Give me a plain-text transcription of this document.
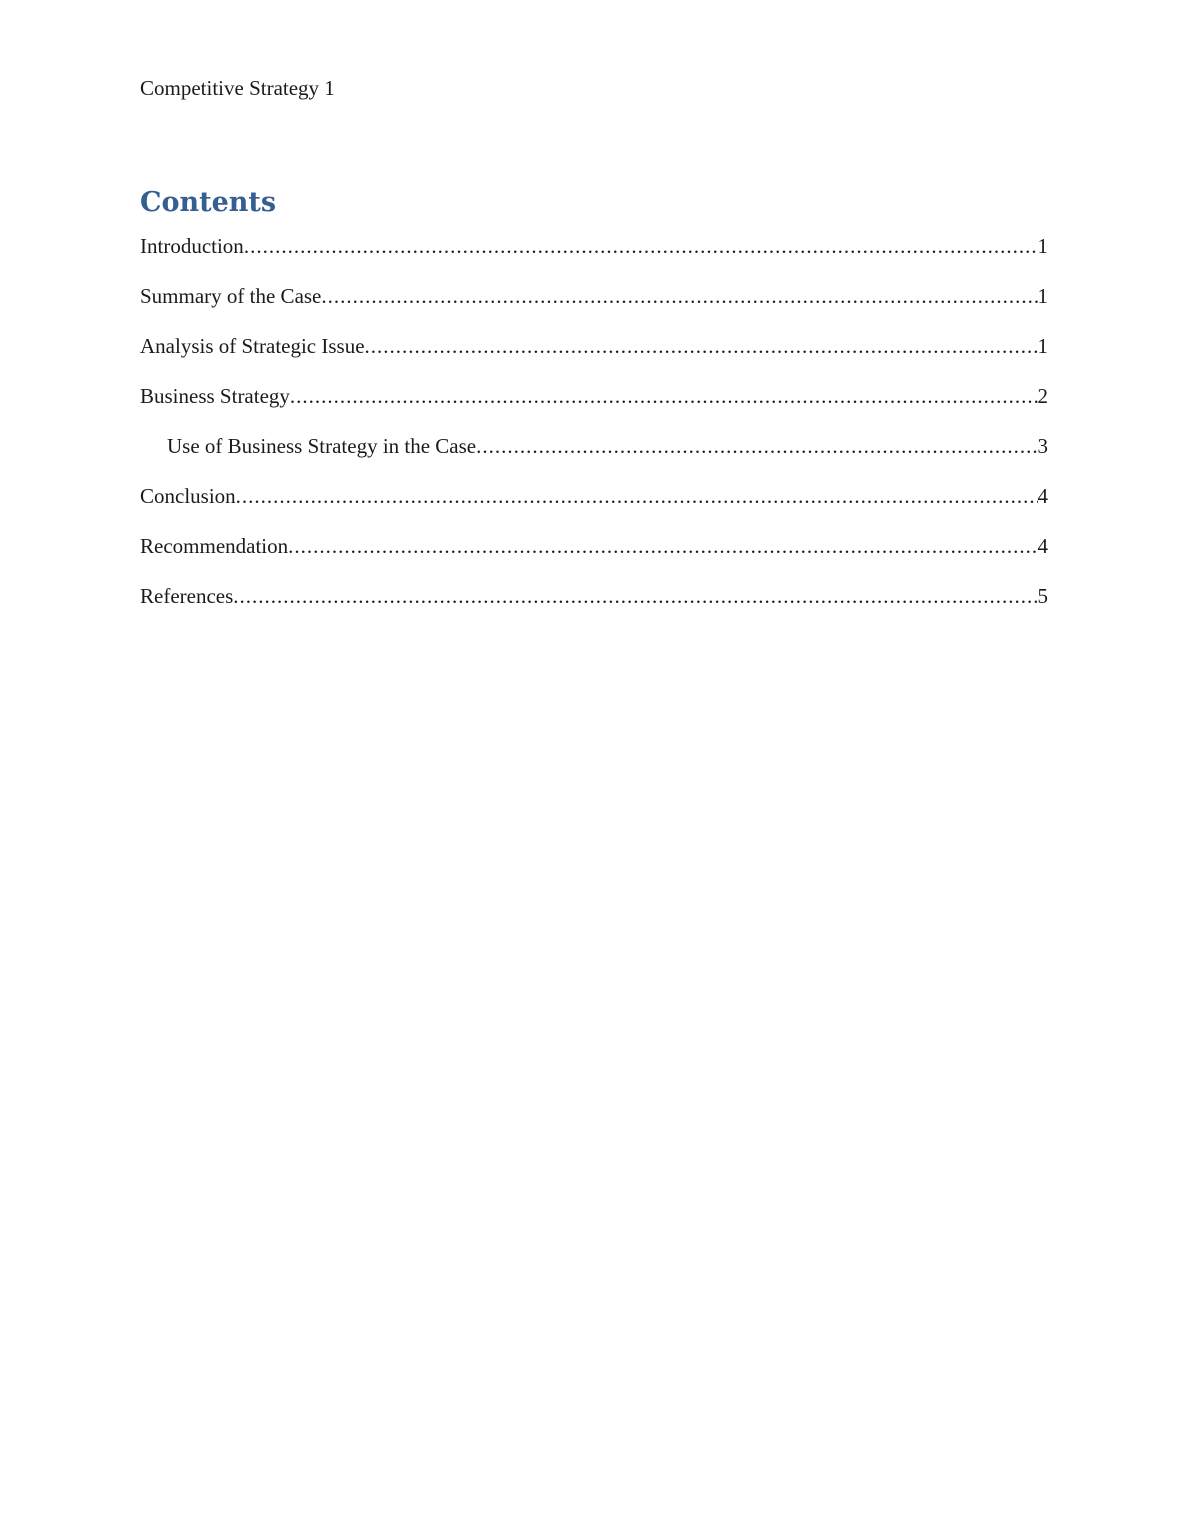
Competitive Strategy 1
Contents
Introduction .....	1
Summary of the Case .....	1
Analysis of Strategic Issue .....	1
Business Strategy .....	2
Use of Business Strategy in the Case .....	3
Conclusion .....	4
Recommendation .....	4
References .....	5
